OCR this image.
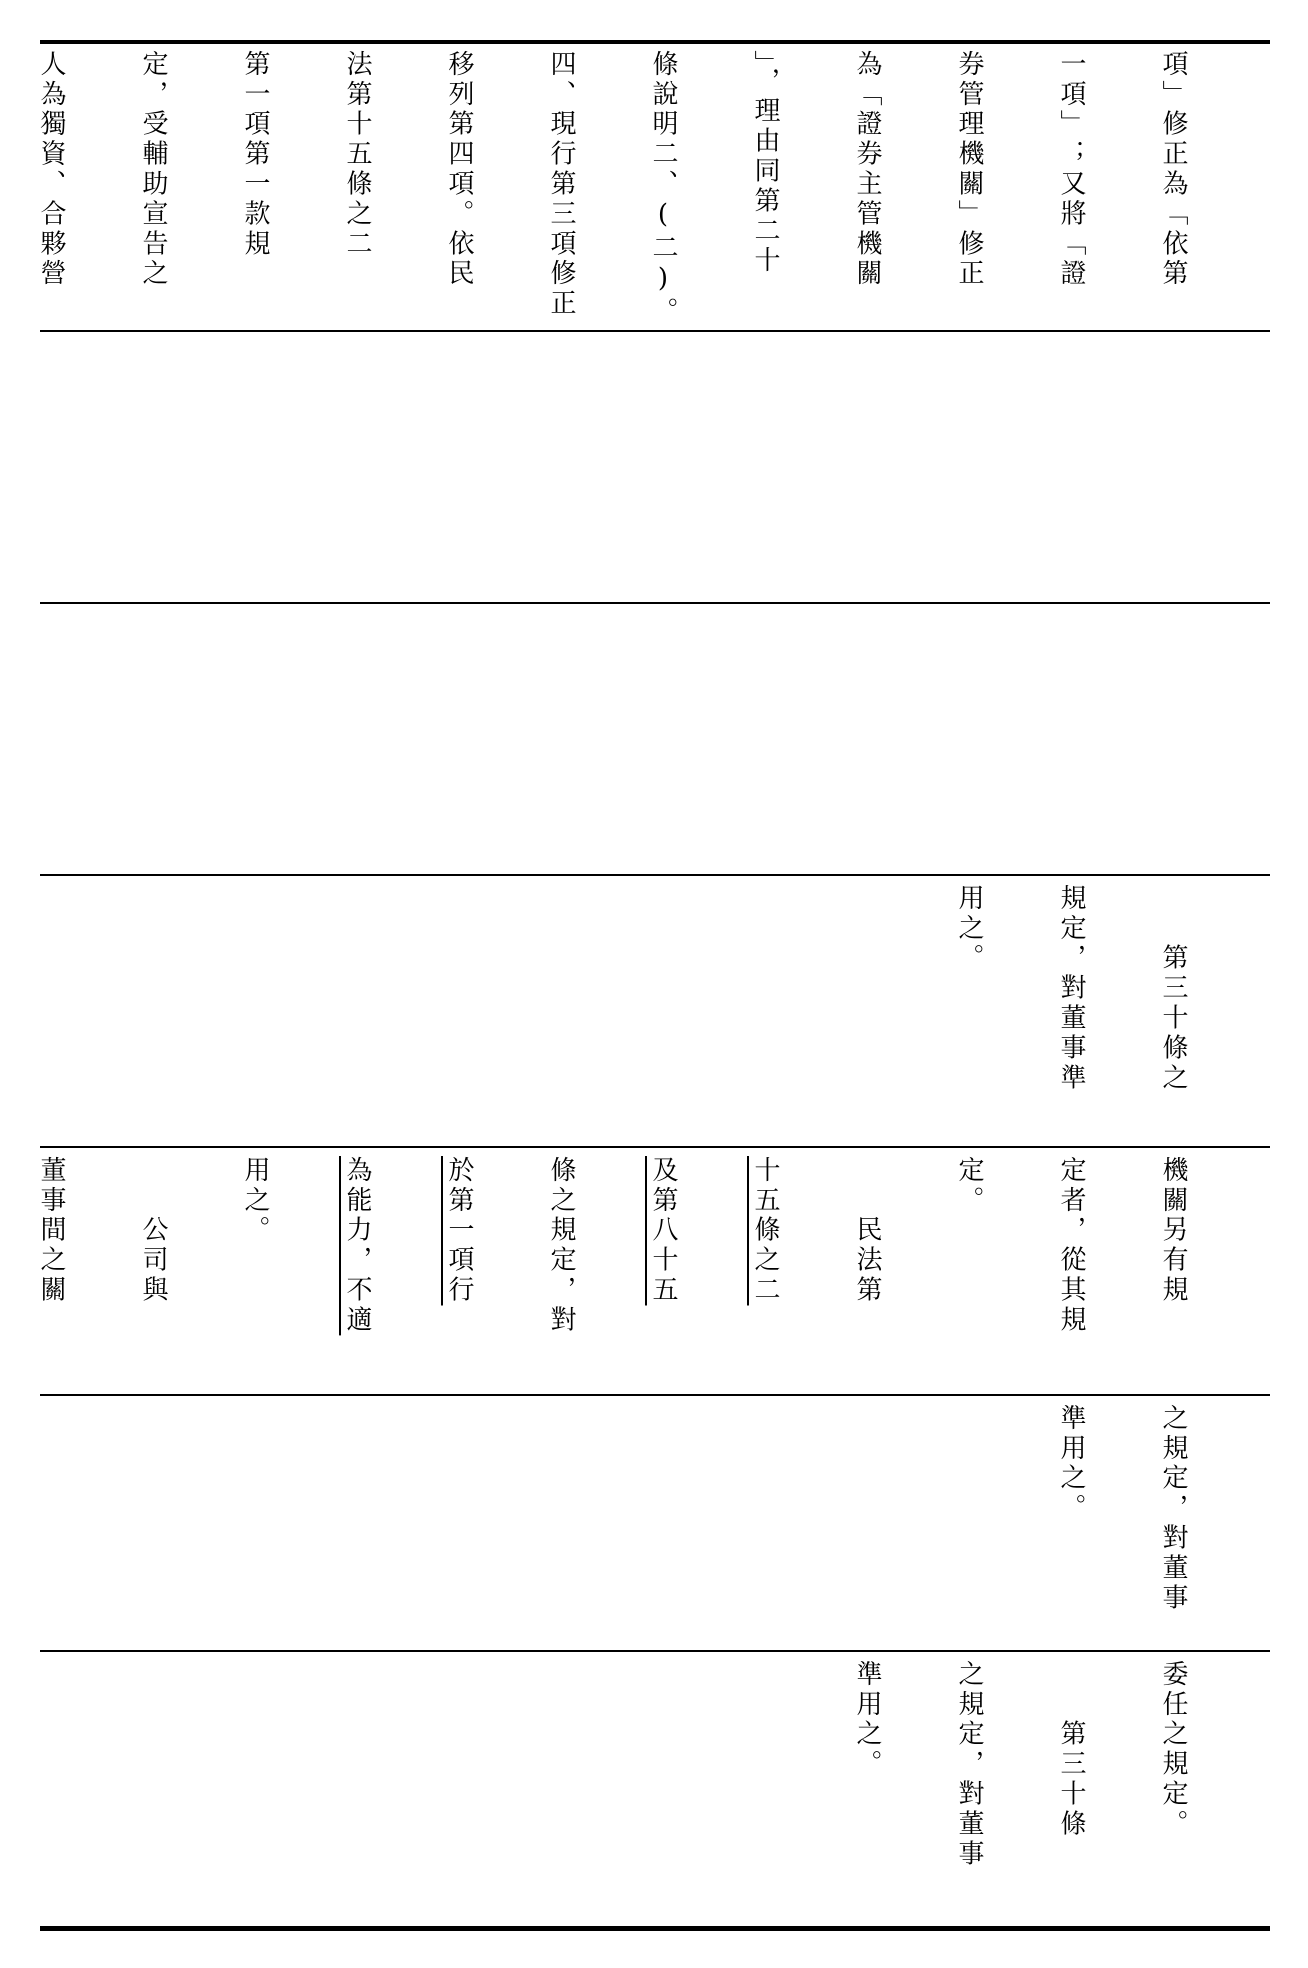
項」修正為「依第

一項」；又將「證

券管理機關」修正

為「證券主管機關

」，理由同第二十

條說明二、(二)。

四、現行第三項修正

移列第四項。依民

法第十五條之二

第一項第一款規

定，受輔助宣告之

人為獨資、合夥營

　　第三十條之

規定，對董事準

用之。

機關另有規

定者，從其規

定。

　　民法第

十五條之二

及第八十五

條之規定，對

於第一項行

為能力，不適

用之。

　　公司與

董事間之關

之規定，對董事

準用之。

委任之規定。

　　第三十條

之規定，對董事

準用之。
